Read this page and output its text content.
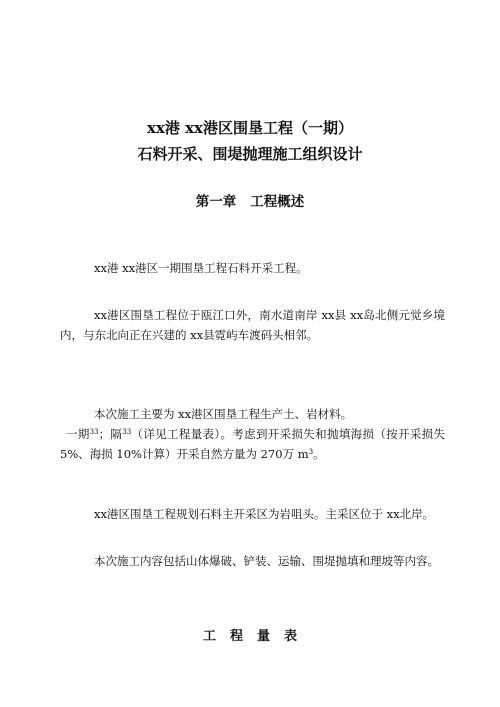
xx港 xx港区围垦工程（一期）
石料开采、围堤抛理施工组织设计
第一章 工程概述
xx港 xx港区一期围垦工程石料开采工程。
xx港区围垦工程位于瓯江口外，南水道南岸 xx县 xx岛北侧元觉乡境内，与东北向正在兴建的 xx县霓屿车渡码头相邻。
本次施工主要为 xx港区围垦工程生产土、岩材料。
一期$^{33}$；隔$^{33}$（详见工程量表）。考虑到开采损失和抛填海损（按开采损失 5%、海损 10%计算）开采自然方量为 270万 $m^3$。
xx港区围垦工程规划石料主开采区为岩咀头。主采区位于 xx北岸。
本次施工内容包括山体爆破、铲装、运输、围堤抛填和理坡等内容。
工程量表
